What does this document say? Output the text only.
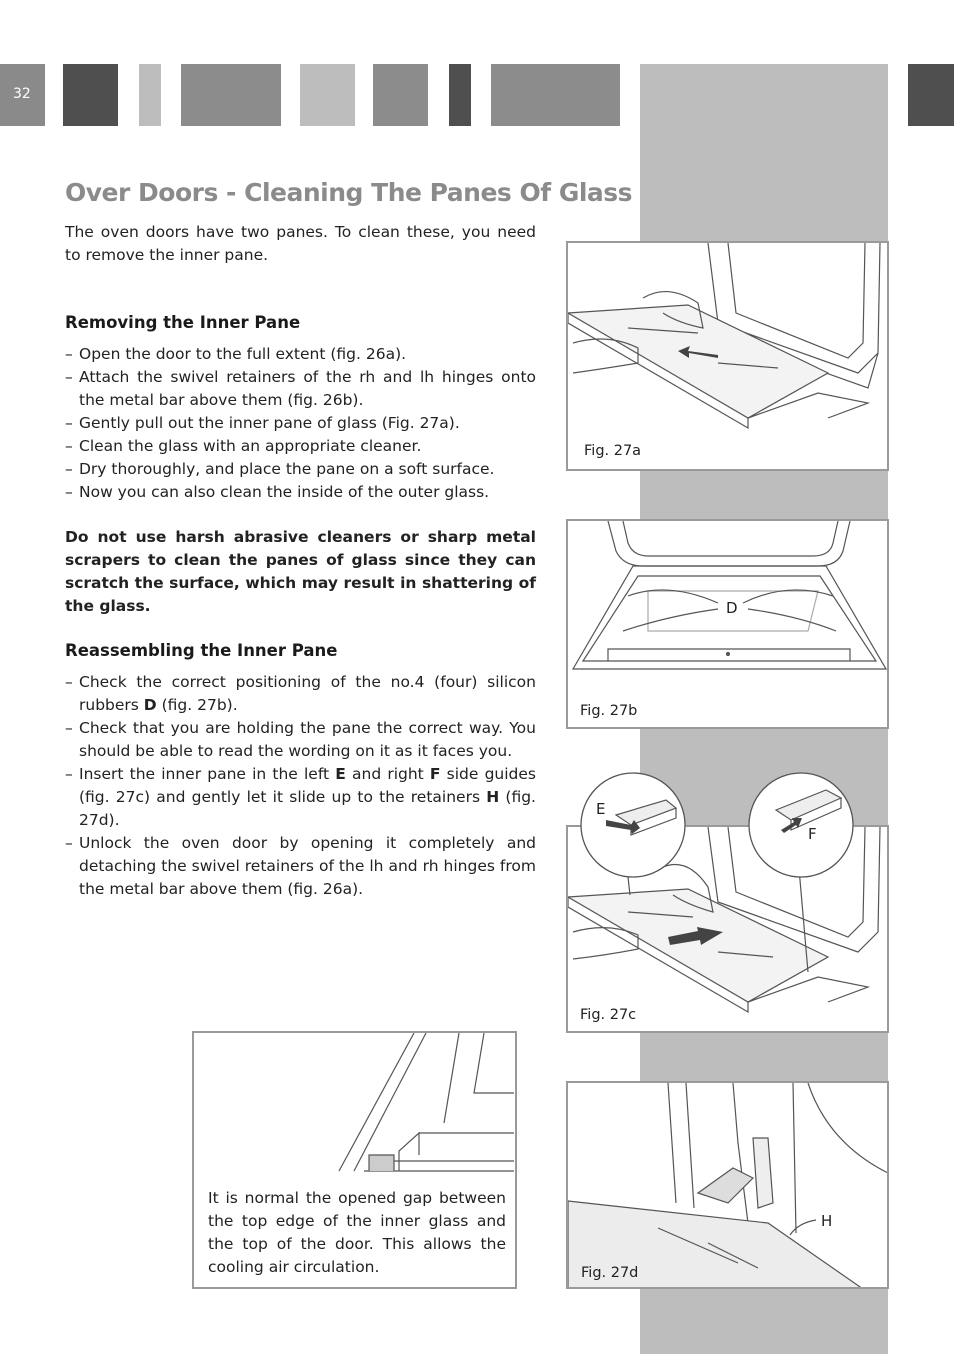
32
Over Doors - Cleaning The Panes Of Glass
The oven doors have two panes. To clean these, you need to remove the inner pane.
Removing the Inner Pane
– Open the door to the full extent (fig. 26a).
– Attach the swivel retainers of the rh and lh hinges onto the metal bar above them (fig. 26b).
– Gently pull out the inner pane of glass (Fig. 27a).
– Clean the glass with an appropriate cleaner.
– Dry thoroughly, and place the pane on a soft surface.
– Now you can also clean the inside of the outer glass.
Do not use harsh abrasive cleaners or sharp metal scrapers to clean the panes of glass since they can scratch the surface, which may result in shattering of the glass.
Reassembling the Inner Pane
– Check the correct positioning of the no.4 (four) silicon rubbers D (fig. 27b).
– Check that you are holding the pane the correct way. You should be able to read the wording on it as it faces you.
– Insert the inner pane in the left E and right F side guides (fig. 27c) and gently let it slide up to the retainers H (fig. 27d).
– Unlock the oven door by opening it completely and detaching the swivel retainers of the lh and rh hinges from the metal bar above them (fig. 26a).
Fig. 27a
D
Fig. 27b
Fig. 27c
E
F
H
Fig. 27d
It is normal the opened gap between the top edge of the inner glass and the top of the door. This allows the cooling air circulation.
